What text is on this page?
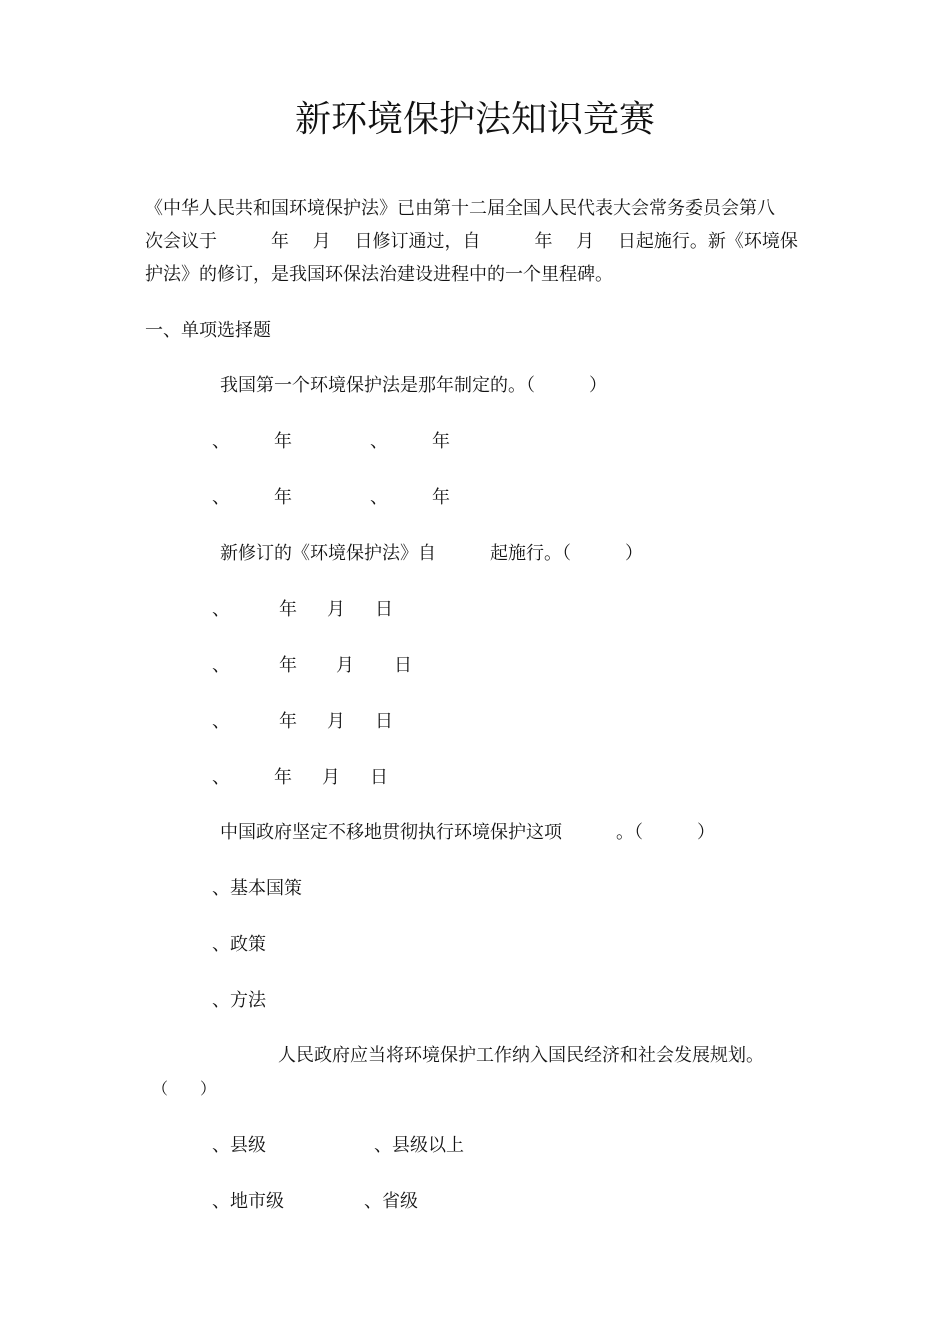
新环境保护法知识竞赛
《中华人民共和国环境保护法》已由第十二届全国人民代表大会常务委员会第八
次会议于　　　年　 月　 日修订通过，自　　　年　 月　 日起施行。新《环境保
护法》的修订，是我国环保法治建设进程中的一个里程碑。
一、单项选择题
我国第一个环境保护法是那年制定的。（　　　）
、 年	、 年
、 年	、 年
新修订的《环境保护法》自　　　起施行。（　　　）
、	年 月 日
、	年 月 日
、	年 月 日
、 年 月 日
中国政府坚定不移地贯彻执行环境保护这项　　　。（　　　）
、基本国策
、政策
、方法
人民政府应当将环境保护工作纳入国民经济和社会发展规划。
（　　）
、县级	、县级以上
、地市级	、省级
